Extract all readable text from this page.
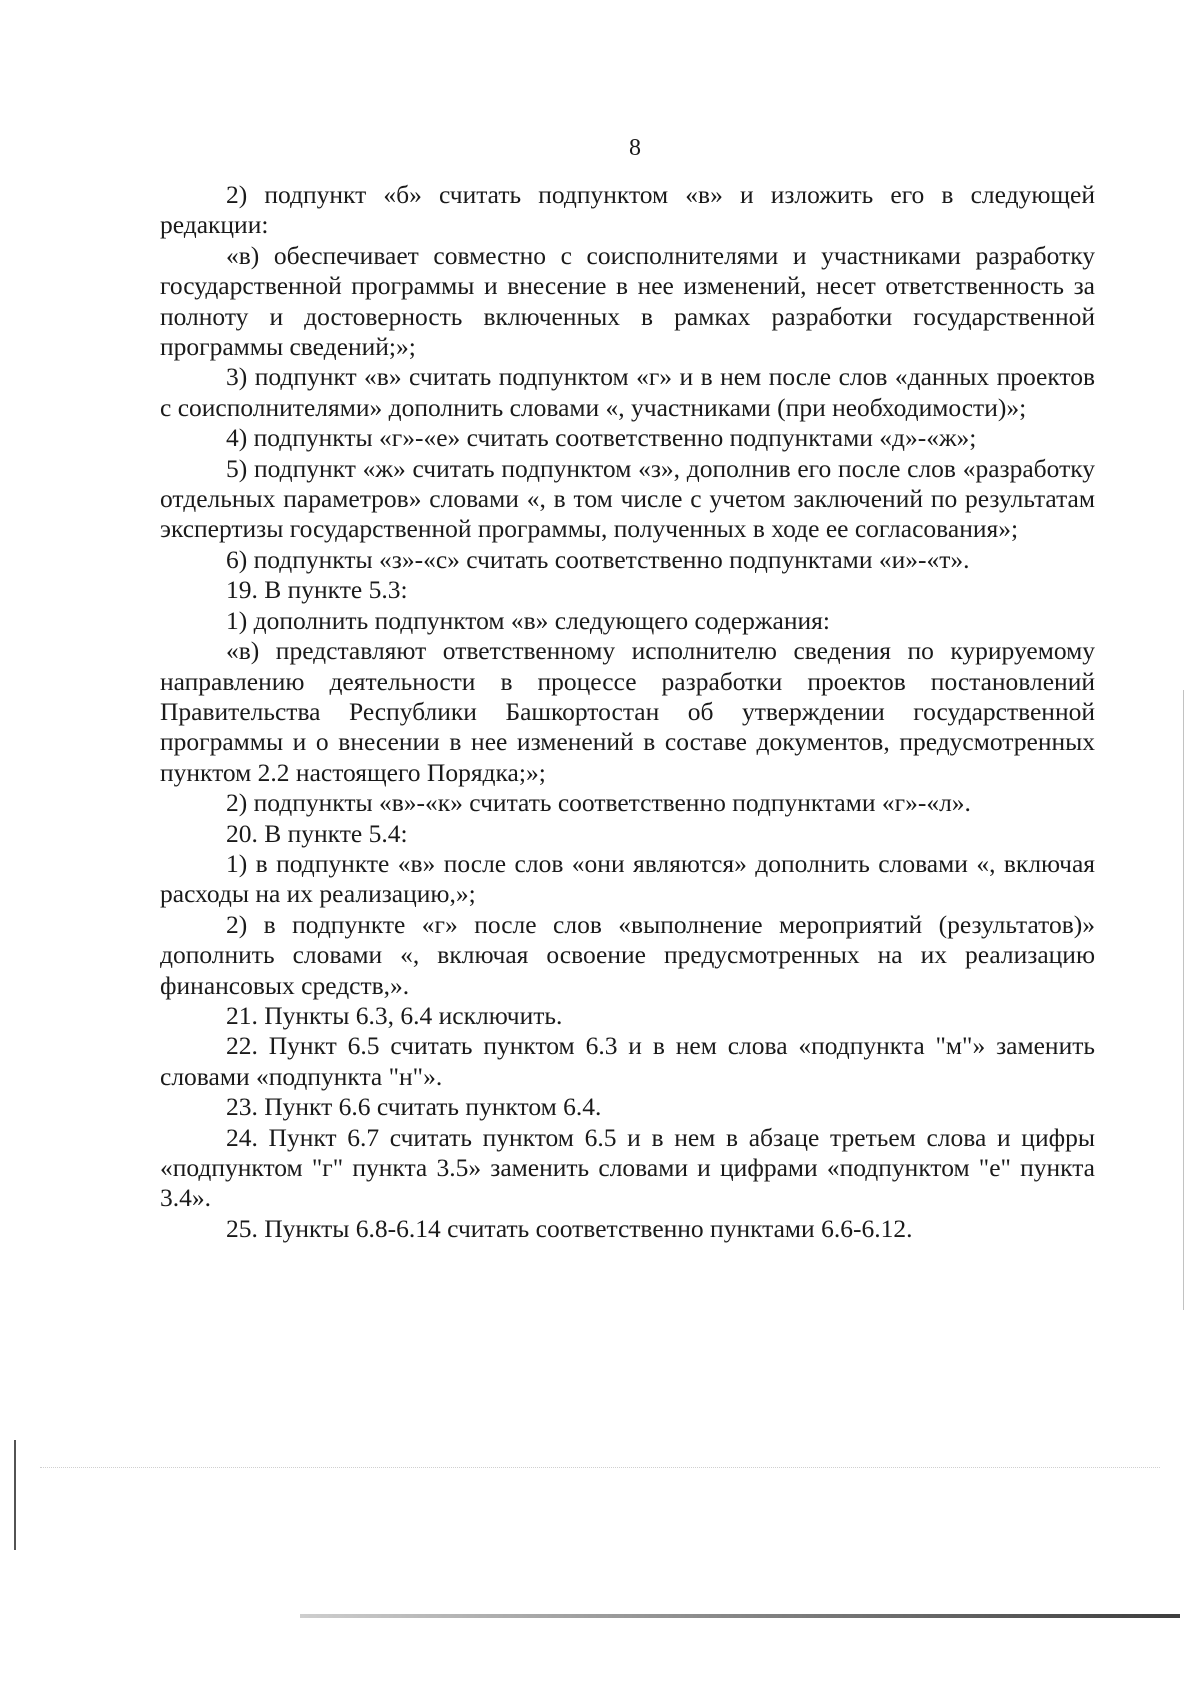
8

2) подпункт «б» считать подпунктом «в» и изложить его в следующей редакции:

«в) обеспечивает совместно с соисполнителями и участниками разработку государственной программы и внесение в нее изменений, несет ответственность за полноту и достоверность включенных в рамках разработки государственной программы сведений;»;

3) подпункт «в» считать подпунктом «г» и в нем после слов «данных проектов с соисполнителями» дополнить словами «, участниками (при необходимости)»;

4) подпункты «г»-«е» считать соответственно подпунктами «д»-«ж»;

5) подпункт «ж» считать подпунктом «з», дополнив его после слов «разработку отдельных параметров» словами «, в том числе с учетом заключений по результатам экспертизы государственной программы, полученных в ходе ее согласования»;

6) подпункты «з»-«с» считать соответственно подпунктами «и»-«т».

19. В пункте 5.3:

1) дополнить подпунктом «в» следующего содержания:

«в) представляют ответственному исполнителю сведения по курируемому направлению деятельности в процессе разработки проектов постановлений Правительства Республики Башкортостан об утверждении государственной программы и о внесении в нее изменений в составе документов, предусмотренных пунктом 2.2 настоящего Порядка;»;

2) подпункты «в»-«к» считать соответственно подпунктами «г»-«л».

20. В пункте 5.4:

1) в подпункте «в» после слов «они являются» дополнить словами «, включая расходы на их реализацию,»;

2) в подпункте «г» после слов «выполнение мероприятий (результатов)» дополнить словами «, включая освоение предусмотренных на их реализацию финансовых средств,».

21. Пункты 6.3, 6.4 исключить.

22. Пункт 6.5 считать пунктом 6.3 и в нем слова «подпункта "м"» заменить словами «подпункта "н"».

23. Пункт 6.6 считать пунктом 6.4.

24. Пункт 6.7 считать пунктом 6.5 и в нем в абзаце третьем слова и цифры «подпунктом "г" пункта 3.5» заменить словами и цифрами «подпунктом "е" пункта 3.4».

25. Пункты 6.8-6.14 считать соответственно пунктами 6.6-6.12.
